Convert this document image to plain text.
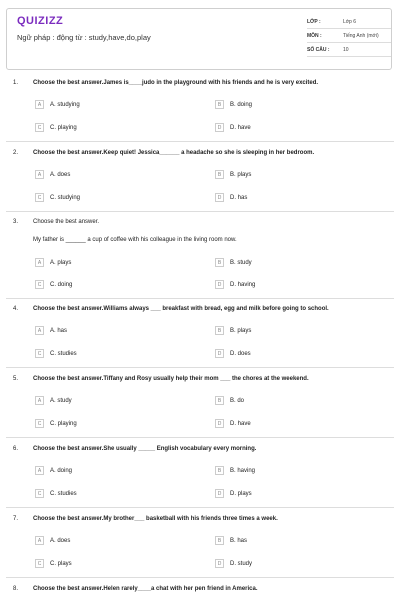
QUIZIZZ
Ngữ pháp : động từ : study,have,do,play
LỚP :	Lớp 6
MÔN :	Tiếng Anh (mới)
SỐ CÂU :	10
1. Choose the best answer.James is____judo in the playground with his friends and he is very excited.
A	A. studying	B	B. doing
C	C. playing	D	D. have
2. Choose the best answer.Keep quiet! Jessica______ a headache so she is sleeping in her bedroom.
A	A. does	B	B. plays
C	C. studying	D	D. has
3. Choose the best answer.
My father is ______ a cup of coffee with his colleague in the living room now.
A	A. plays	B	B. study
C	C. doing	D	D. having
4. Choose the best answer.Williams always ___ breakfast with bread, egg and milk before going to school.
A	A. has	B	B. plays
C	C. studies	D	D. does
5. Choose the best answer.Tiffany and Rosy usually help their mom ___ the chores at the weekend.
A	A. study	B	B. do
C	C. playing	D	D. have
6. Choose the best answer.She usually _____ English vocabulary every morning.
A	A. doing	B	B. having
C	C. studies	D	D. plays
7. Choose the best answer.My brother___ basketball with his friends three times a week.
A	A. does	B	B. has
C	C. plays	D	D. study
8. Choose the best answer.Helen rarely____a chat with her pen friend in America.
